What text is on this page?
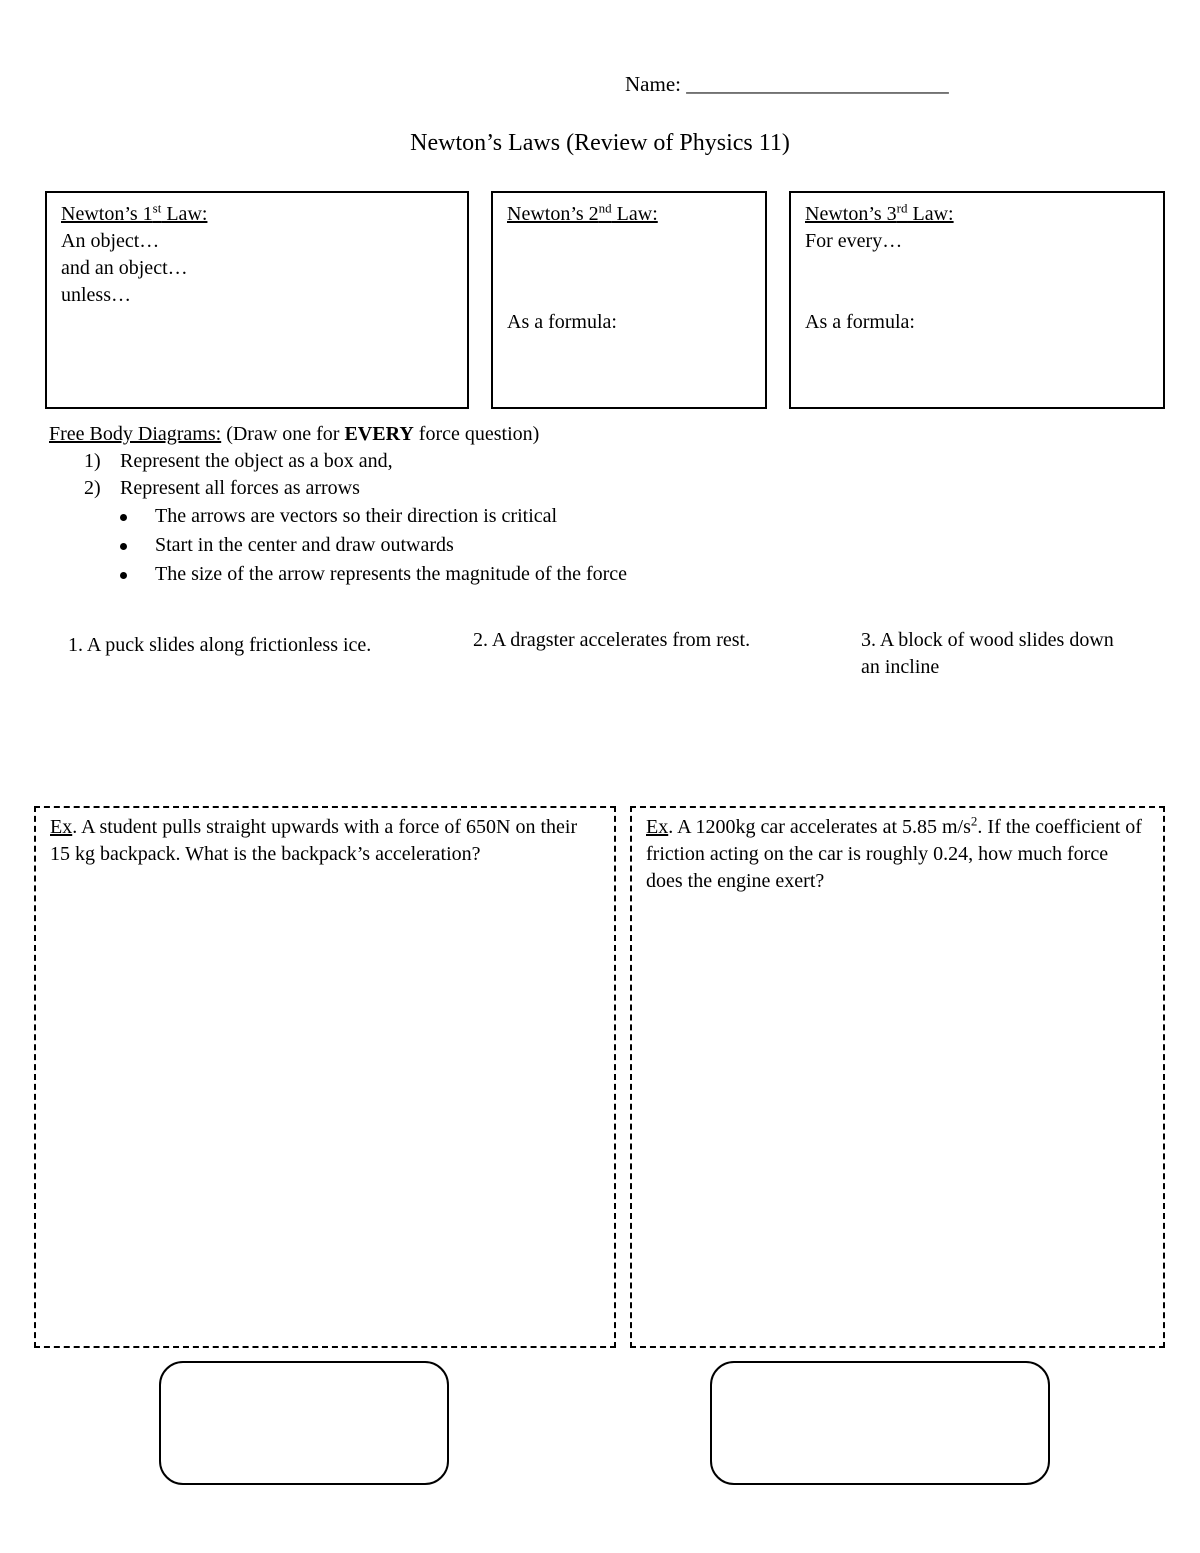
Name: _________________________
Newton’s Laws (Review of Physics 11)
Newton’s 1st Law:
An object…
and an object…
unless…
Newton’s 2nd Law:
As a formula:
Newton’s 3rd Law:
For every…
As a formula:
Free Body Diagrams: (Draw one for EVERY force question)
1) Represent the object as a box and,
2) Represent all forces as arrows
The arrows are vectors so their direction is critical
Start in the center and draw outwards
The size of the arrow represents the magnitude of the force
1. A puck slides along frictionless ice.	2. A dragster accelerates from rest.	3. A block of wood slides down an incline
Ex. A student pulls straight upwards with a force of 650N on their 15 kg backpack. What is the backpack’s acceleration?
Ex. A 1200kg car accelerates at 5.85 $m/s^2$. If the coefficient of friction acting on the car is roughly 0.24, how much force does the engine exert?
